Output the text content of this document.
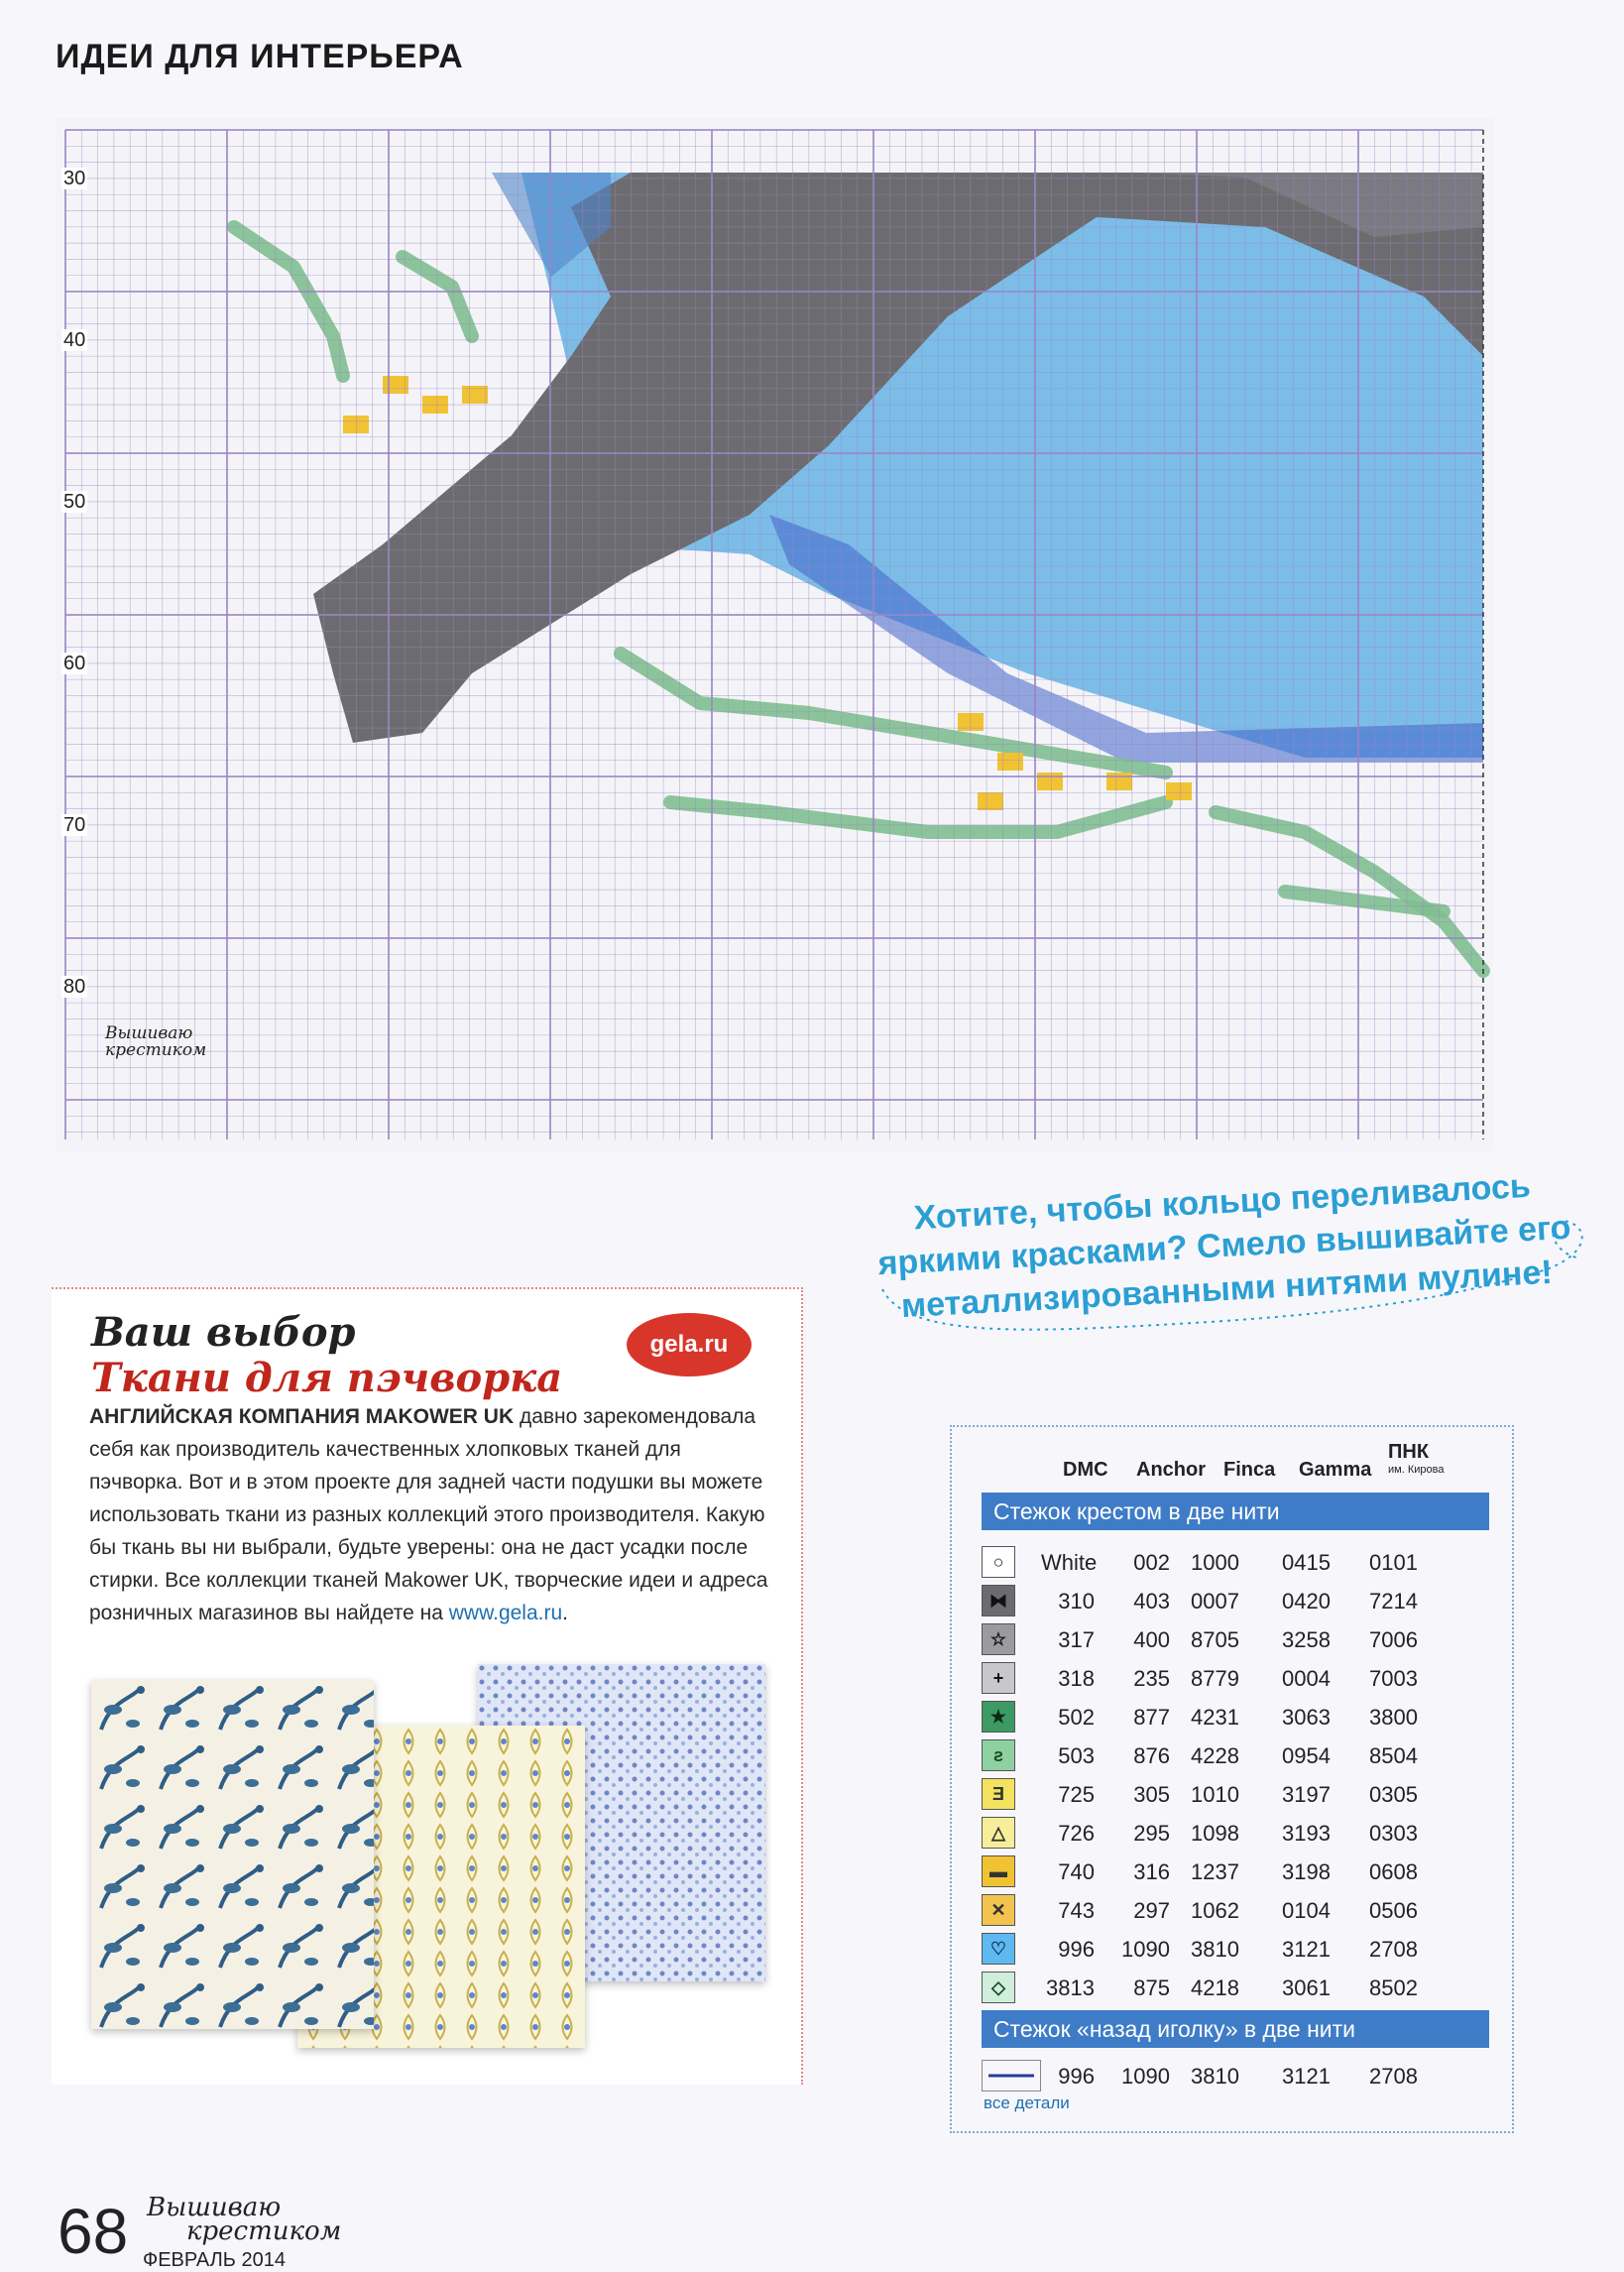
ИДЕИ ДЛЯ ИНТЕРЬЕРА
30
40
50
60
70
80
Вышиваю крестиком
Хотите, чтобы кольцо переливалось яркими красками? Смело вышивайте его металлизированными нитями мулине!
Ваш выбор
Ткани для пэчворка
gela.ru
АНГЛИЙСКАЯ КОМПАНИЯ MAKOWER UK давно зарекомендовала себя как производитель качественных хлопковых тканей для пэчворка. Вот и в этом проекте для задней части подушки вы можете использовать ткани из разных коллекций этого производителя. Какую бы ткань вы ни выбрали, будьте уверены: она не даст усадки после стирки. Все коллекции тканей Makower UK, творческие идеи и адреса розничных магазинов вы найдете на www.gela.ru.
DMC Anchor Finca Gamma
ПНК
им. Кирова
Стежок крестом в две нити
○	White	002 1000	0415	0101
⧓	310	403 0007	0420	7214
☆	317	400 8705	3258	7006
+	318	235 8779	0004	7003
★	502	877 4231	3063	3800
ƨ	503	876 4228	0954	8504
Ǝ	725	305 1010	3197	0305
△	726	295 1098	3193	0303
▬	740	316 1237	3198	0608
✕	743	297 1062	0104	0506
♡	996	1090 3810	3121	2708
◇	3813	875 4218	3061	8502
Стежок «назад иголку» в две нити
996	1090 3810	3121	2708
все детали
68 Вышиваю
крестиком
ФЕВРАЛЬ 2014
